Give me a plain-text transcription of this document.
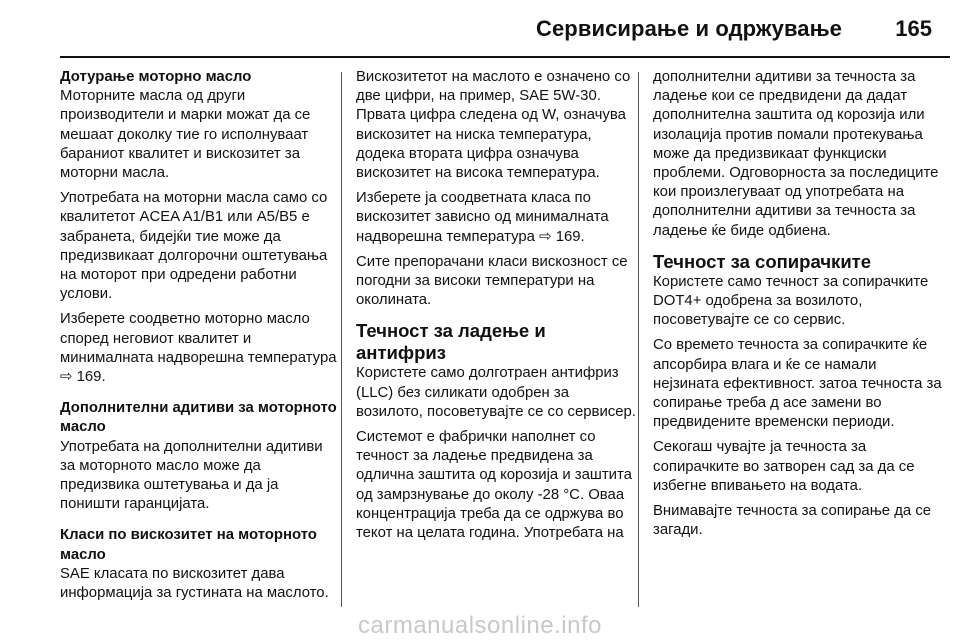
Сервисирање и одржување 165
Дотурање моторно масло

Моторните масла од други производители и марки можат да се мешаат доколку тие го исполнуваат бараниот квалитет и вискозитет за моторни масла.

Употребата на моторни масла само со квалитетот ACEA A1/B1 или A5/B5 е забранета, бидејќи тие може да предизвикаат долгорочни оштетувања на моторот при одредени работни услови.

Изберете соодветно моторно масло според неговиот квалитет и минималната надворешна температура ⇨ 169.

Дополнителни адитиви за моторното масло

Употребата на дополнителни адитиви за моторното масло може да предизвика оштетувања и да ја поништи гаранцијата.

Класи по вискозитет на моторното масло

SAE класата по вискозитет дава информација за густината на маслото.

Вискозитетот на маслото е означено со две цифри, на пример, SAE 5W-30. Првата цифра следена од W, означува вискозитет на ниска температура, додека втората цифра означува вискозитет на висока температура.

Изберете ја соодветната класа по вискозитет зависно од минималната надворешна температура ⇨ 169.

Сите препорачани класи вискозност се погодни за високи температури на околината.

Течност за ладење и антифриз

Користете само долготраен антифриз (LLC) без силикати одобрен за возилото, посоветувајте се со сервисер.

Системот е фабрички наполнет со течност за ладење предвидена за одлична заштита од корозија и заштита од замрзнување до околу -28 °C. Оваа концентрација треба да се одржува во текот на целата година. Употребата на

дополнителни адитиви за течноста за ладење кои се предвидени да дадат дополнителна заштита од корозија или изолација против помали протекувања може да предизвикаат функциски проблеми. Одговорноста за последиците кои произлегуваат од употребата на дополнителни адитиви за течноста за ладење ќе биде одбиена.

Течност за сопирачките

Користете само течност за сопирачките DOT4+ одобрена за возилото, посоветувајте се со сервис.

Со времето течноста за сопирачките ќе апсорбира влага и ќе се намали нејзината ефективност. затоа течноста за сопирање треба д асе замени во предвидените временски периоди.

Секогаш чувајте ја течноста за сопирачките во затворен сад за да се избегне впивањето на водата.

Внимавајте течноста за сопирање да се загади.

carmanualsonline.info
